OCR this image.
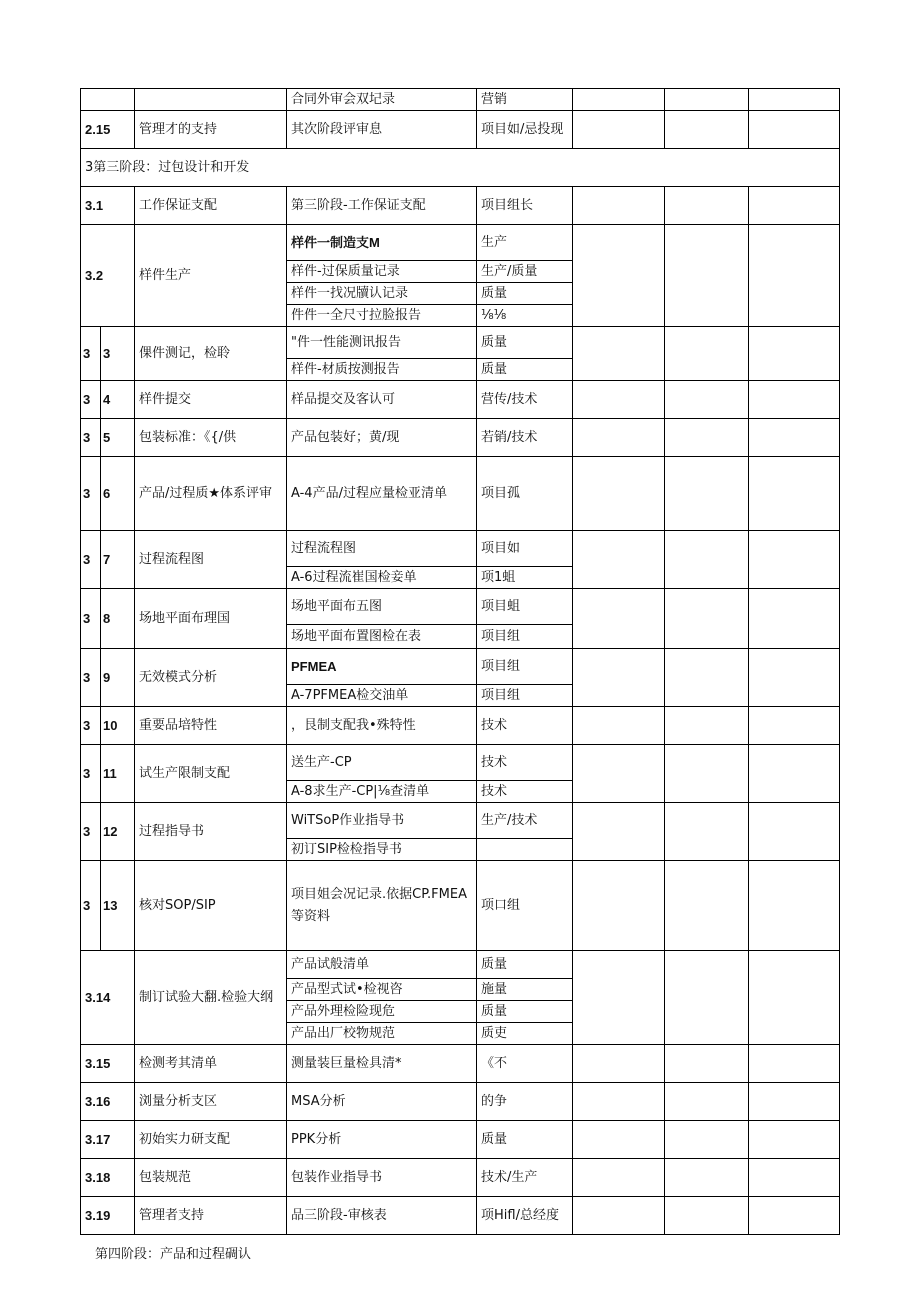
			合同外审会双圮录	营销			
2.15		管理才的支持	其次阶段评审息	项目如/忌投现			
3第三阶段：过包设计和开发							
3.1		工作保证支配	第三阶段-工作保证支配	项目组长			
3.2		样件生产	样件一制造支M	生产			
			样件-过保质量记录	生产/质量			
			样件一找况牘认记录	质量			
			件件一全尺寸拉脸报告	⅛⅛			
3	3	倮件测记，检聆	"件一性能测讯报告	质量			
			样件-材质按测报告	质量			
3	4	样件提交	样品提交及客认可	营传/技术			
3	5	包装标准：《{/供	产品包装好；黄/现	若销/技术			
3	6	产品/过程质★体系评审	A-4产品/过程应量检亚清单	项目孤			
3	7	过程流程图	过程流程图	项目如			
			A-6过程流崔国检妾单	项1蛆			
3	8	场地平面布理国	场地平面布五图	项目蛆			
			场地平面布置图检在表	项目组			
3	9	无效模式分析	PFMEA	项目组			
			A-7PFMEA检交油单	项目组			
3	10	重要品培特性	，艮制支配我•殊特性	技术			
3	11	试生产限制支配	送生产-CP	技术			
			A-8求生产-CP|⅛查清单	技术			
3	12	过程指导书	WiTSoP作业指导书	生产/技术			
			初订SIP检检指导书				
3	13	核对SOP/SIP	项目姐会况记录.依据CP.FMEA等资料	项口组			
3.14		制订试验大翻.检验大纲	产品试般清单	质量			
			产品型式试•检视咨	施量			
			产品外理检险现危	质量			
			产品出厂校物规范	质吏			
3.15		检测考其清单	测量装巨量检具清*	《不			
3.16		浏量分析支区	MSA分析	的争			
3.17		初始实力研支配	PPK分析	质量			
3.18		包装规范	包装作业指导书	技术/生产			
3.19		管理者支持	品三阶段-审核表	项Hifl/总经度			
第四阶段：产品和过程碉认
